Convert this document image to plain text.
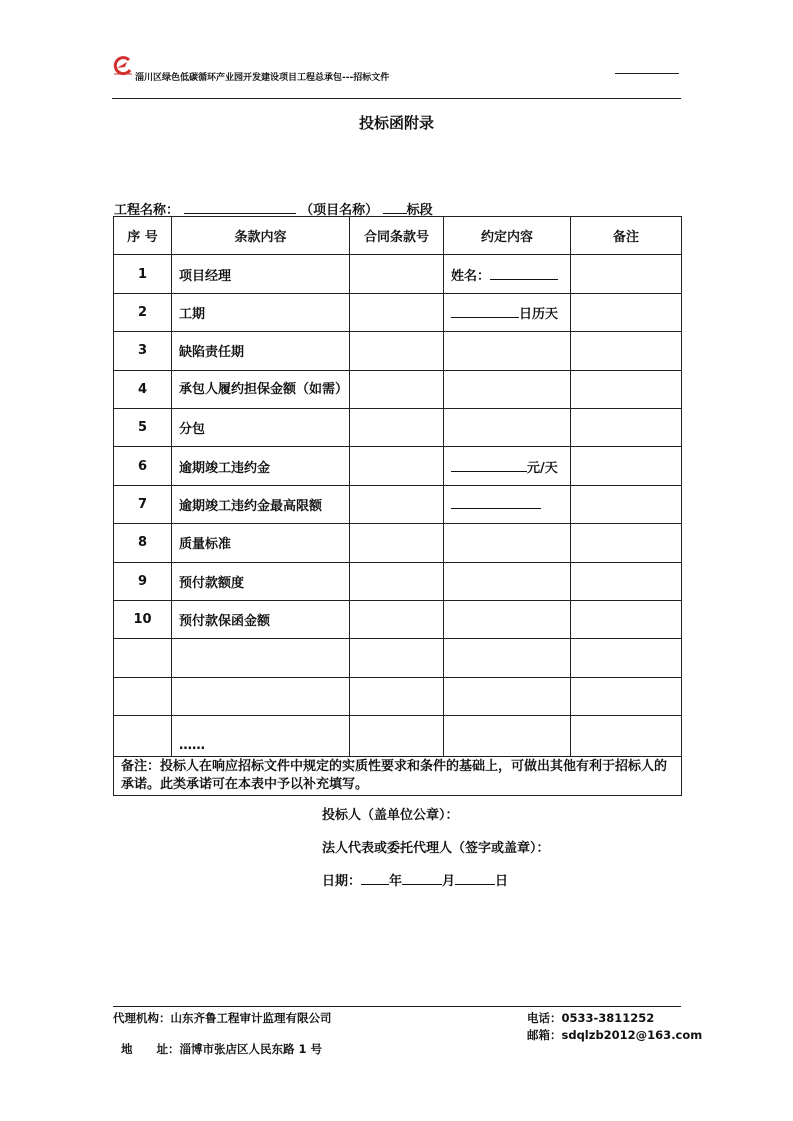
淄川区绿色低碳循环产业园开发建设项目工程总承包---招标文件
投标函附录
工程名称：	（项目名称） 标段
序 号	条款内容	合同条款号	约定内容	备注
1	项目经理		姓名：	
2	工期		日历天	
3	缺陷责任期			
4	承包人履约担保金额（如需）			
5	分包			
6	逾期竣工违约金		元/天	
7	逾期竣工违约金最高限额			
8	质量标准			
9	预付款额度			
10	预付款保函金额			

	……			
备注：投标人在响应招标文件中规定的实质性要求和条件的基础上，可做出其他有利于招标人的承诺。此类承诺可在本表中予以补充填写。				
投标人（盖单位公章）：
法人代表或委托代理人（签字或盖章）：
日期： 年	月	日
代理机构：山东齐鲁工程审计监理有限公司	电话：0533-3811252

地      址：淄博市张店区人民东路 1 号

邮箱：sdqlzb2012@163.com
